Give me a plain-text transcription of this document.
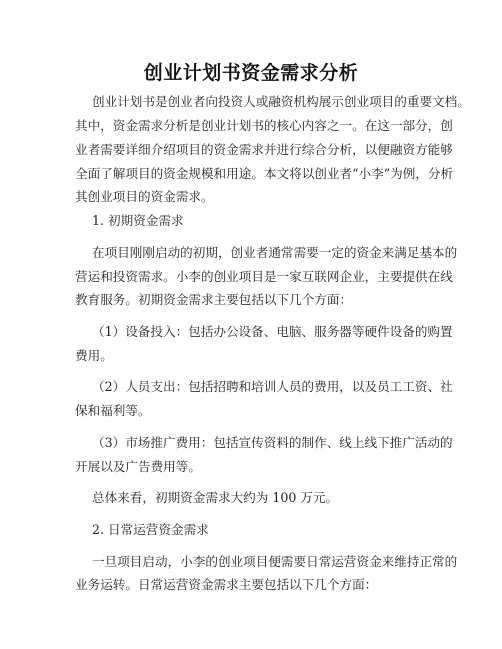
创业计划书资金需求分析
创业计划书是创业者向投资人或融资机构展示创业项目的重要文档。
其中，资金需求分析是创业计划书的核心内容之一。在这一部分，创
业者需要详细介绍项目的资金需求并进行综合分析，以便融资方能够
全面了解项目的资金规模和用途。本文将以创业者“小李”为例，分析
其创业项目的资金需求。
1. 初期资金需求
在项目刚刚启动的初期，创业者通常需要一定的资金来满足基本的
营运和投资需求。小李的创业项目是一家互联网企业，主要提供在线
教育服务。初期资金需求主要包括以下几个方面：
（1）设备投入：包括办公设备、电脑、服务器等硬件设备的购置
费用。
（2）人员支出：包括招聘和培训人员的费用，以及员工工资、社
保和福利等。
（3）市场推广费用：包括宣传资料的制作、线上线下推广活动的
开展以及广告费用等。
总体来看，初期资金需求大约为 100 万元。
2. 日常运营资金需求
一旦项目启动，小李的创业项目便需要日常运营资金来维持正常的
业务运转。日常运营资金需求主要包括以下几个方面：
